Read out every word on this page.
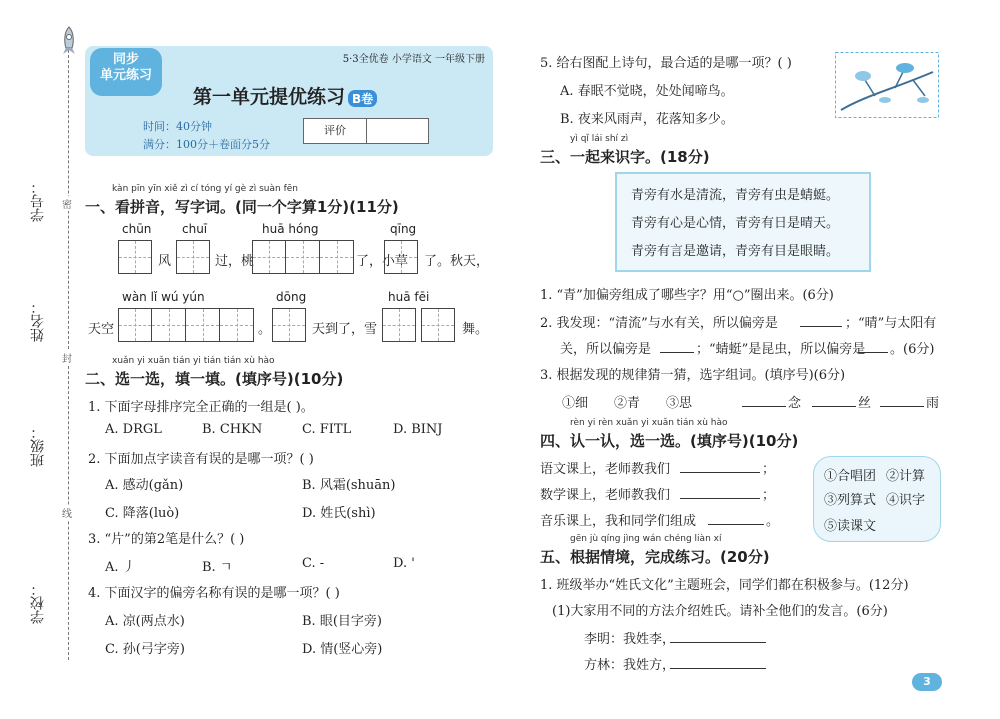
学校：
班级：
姓名：
学号： 密
封
线
同步
单元练习
5·3全优卷 小学语文 一年级下册
第一单元提优练习 B卷
时间：40分钟
满分：100分＋卷面分5分
评价
kàn pīn yīn xiě zì cí tóng yí gè zì suàn fēn
一、看拼音，写字词。(同一个字算1分)(11分)
chūn	chuī	huā hóng	qīng
风	过，桃	了，小草 了。秋天，
wàn lǐ wú yún	dōng	huā fēi
天空	。	天到了，雪	舞。
xuǎn yi xuǎn tián yi tián tián xù hào
二、选一选，填一填。(填序号)(10分)
1. 下面字母排序完全正确的一组是( )。
A. DRGL	B. CHKN	C. FITL	D. BINJ
2. 下面加点字读音有误的是哪一项？( )
A. 感动(gǎn)	B. 风霜(shuān)
C. 降落(luò)	D. 姓氏(shì)
3. “片”的第2笔是什么？( )
A. 丿	B. ㄱ	C. -	D. '
4. 下面汉字的偏旁名称有误的是哪一项？( )
A. 凉(两点水)	B. 眼(目字旁)
C. 孙(弓字旁)	D. 情(竖心旁)
5. 给右图配上诗句，最合适的是哪一项？( )
A. 春眠不觉晓，处处闻啼鸟。
B. 夜来风雨声，花落知多少。
yì qǐ lái shí zì
三、一起来识字。(18分)
青旁有水是清流，青旁有虫是蜻蜓。
青旁有心是心情，青旁有日是晴天。
青旁有言是邀请，青旁有目是眼睛。
1. “青”加偏旁组成了哪些字？用“○”圈出来。(6分)
2. 我发现：“清流”与水有关，所以偏旁是	；“晴”与太阳有
关，所以偏旁是	；“蜻蜓”是昆虫，所以偏旁是 。(6分)
3. 根据发现的规律猜一猜，选字组词。(填序号)(6分)
①细 ②青 ③思	念	丝	雨
rèn yi rèn xuǎn yi xuǎn tián xù hào
四、认一认，选一选。(填序号)(10分)
语文课上，老师教我们	；
数学课上，老师教我们	；
音乐课上，我和同学们组成	。
①合唱团 ②计算
③列算式 ④识字
⑤读课文
gēn jù qíng jìng wán chéng liàn xí
五、根据情境，完成练习。(20分)
1. 班级举办“姓氏文化”主题班会，同学们都在积极参与。(12分)
(1)大家用不同的方法介绍姓氏。请补全他们的发言。(6分)
李明：我姓李，
方林：我姓方，
3
